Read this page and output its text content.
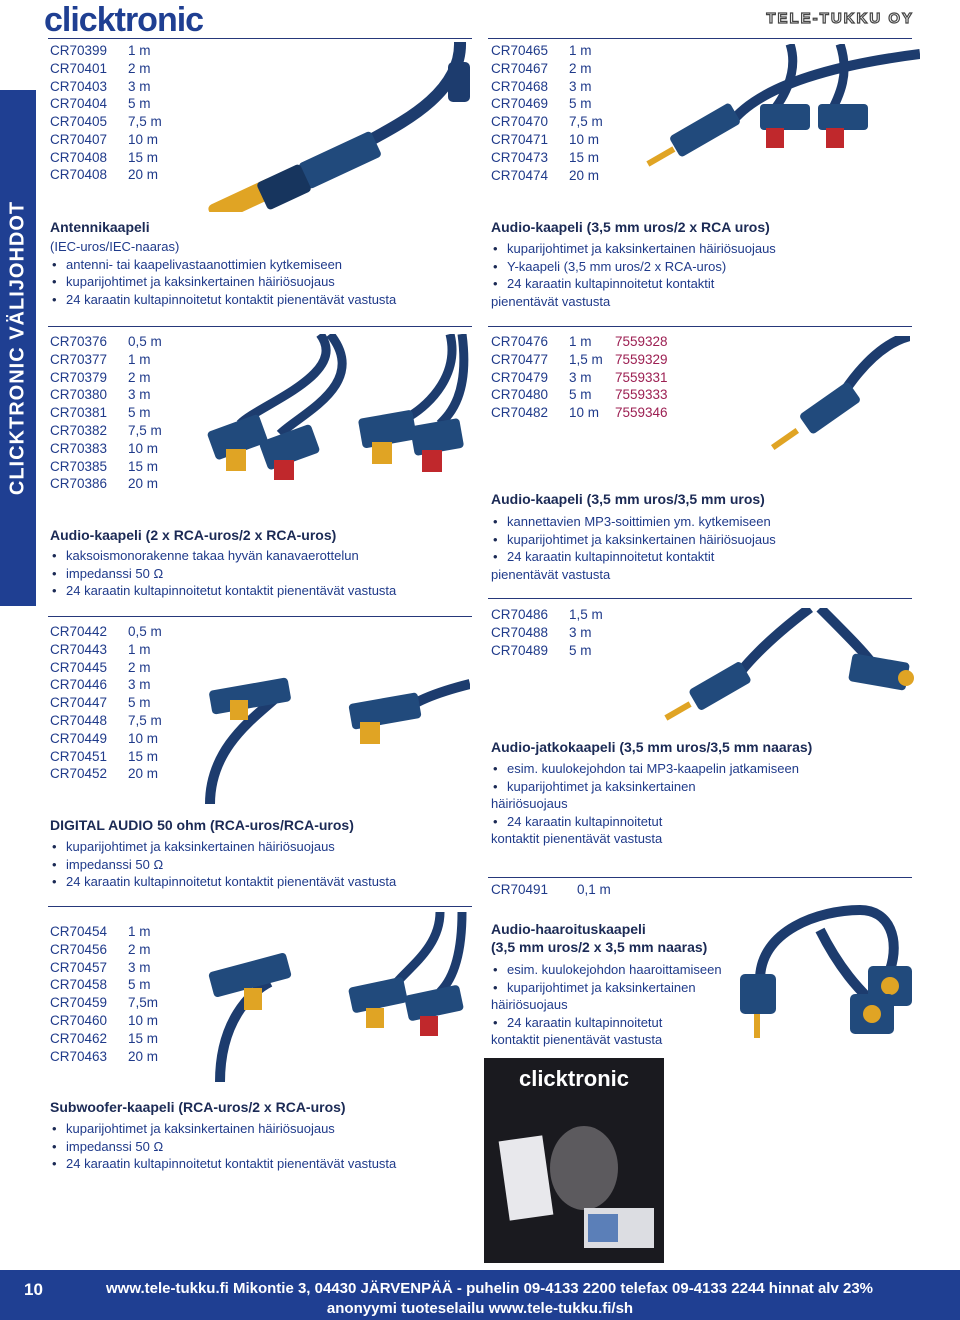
clicktronic	TELE-TUKKU OY
CLICKTRONIC VÄLIJOHDOT
CR70399	1 m
CR70401	2 m
CR70403	3 m
CR70404	5 m
CR70405	7,5 m
CR70407	10 m
CR70408	15 m
CR70408	20 m
Antennikaapeli
(IEC-uros/IEC-naaras)
• antenni- tai kaapelivastaanottimien kytkemiseen
• kuparijohtimet ja kaksinkertainen häiriösuojaus
• 24 karaatin kultapinnoitetut kontaktit pienentävät vastusta
CR70376	0,5 m
CR70377	1 m
CR70379	2 m
CR70380	3 m
CR70381	5 m
CR70382	7,5 m
CR70383	10 m
CR70385	15 m
CR70386	20 m
Audio-kaapeli (2 x RCA-uros/2 x RCA-uros)
• kaksoismonorakenne takaa hyvän kanavaerottelun
• impedanssi 50 Ω
• 24 karaatin kultapinnoitetut kontaktit pienentävät vastusta
CR70442	0,5 m
CR70443	1 m
CR70445	2 m
CR70446	3 m
CR70447	5 m
CR70448	7,5 m
CR70449	10 m
CR70451	15 m
CR70452	20 m
DIGITAL AUDIO 50 ohm (RCA-uros/RCA-uros)
• kuparijohtimet ja kaksinkertainen häiriösuojaus
• impedanssi 50 Ω
• 24 karaatin kultapinnoitetut kontaktit pienentävät vastusta
CR70454	1 m
CR70456	2 m
CR70457	3 m
CR70458	5 m
CR70459	7,5m
CR70460	10 m
CR70462	15 m
CR70463	20 m
Subwoofer-kaapeli (RCA-uros/2 x RCA-uros)
• kuparijohtimet ja kaksinkertainen häiriösuojaus
• impedanssi 50 Ω
• 24 karaatin kultapinnoitetut kontaktit pienentävät vastusta
CR70465	1 m
CR70467	2 m
CR70468	3 m
CR70469	5 m
CR70470	7,5 m
CR70471	10 m
CR70473	15 m
CR70474	20 m
Audio-kaapeli (3,5 mm uros/2 x RCA uros)
• kuparijohtimet ja kaksinkertainen häiriösuojaus
• Y-kaapeli (3,5 mm uros/2 x RCA-uros)
• 24 karaatin kultapinnoitetut kontaktit
pienentävät vastusta
CR70476	1 m	7559328
CR70477	1,5 m 7559329
CR70479	3 m	7559331
CR70480	5 m	7559333
CR70482	10 m	7559346
Audio-kaapeli (3,5 mm uros/3,5 mm uros)
• kannettavien MP3-soittimien ym. kytkemiseen
• kuparijohtimet ja kaksinkertainen häiriösuojaus
• 24 karaatin kultapinnoitetut kontaktit
pienentävät vastusta
CR70486	1,5 m
CR70488	3 m
CR70489	5 m
Audio-jatkokaapeli (3,5 mm uros/3,5 mm naaras)
• esim. kuulokejohdon tai MP3-kaapelin jatkamiseen
• kuparijohtimet ja kaksinkertainen
häiriösuojaus
• 24 karaatin kultapinnoitetut
kontaktit pienentävät vastusta
CR70491	0,1 m
Audio-haaroituskaapeli
(3,5 mm uros/2 x 3,5 mm naaras)
• esim. kuulokejohdon haaroittamiseen
• kuparijohtimet ja kaksinkertainen
häiriösuojaus
• 24 karaatin kultapinnoitetut
kontaktit pienentävät vastusta
clicktronic
10	www.tele-tukku.fi Mikontie 3, 04430 JÄRVENPÄÄ - puhelin 09-4133 2200 telefax 09-4133 2244 hinnat alv 23%
anonyymi tuoteselailu www.tele-tukku.fi/sh
